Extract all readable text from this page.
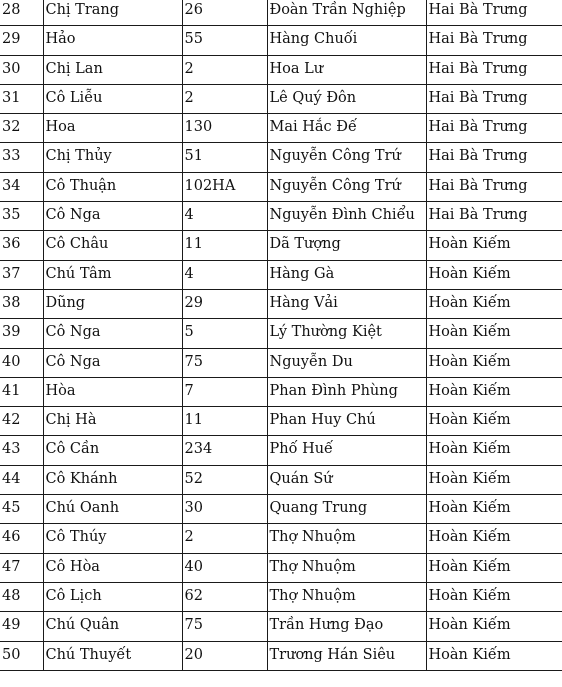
28	Chị Trang	26	Đoàn Trần Nghiệp	Hai Bà Trưng
29	Hảo	55	Hàng Chuối	Hai Bà Trưng
30	Chị Lan	2	Hoa Lư	Hai Bà Trưng
31	Cô Liễu	2	Lê Quý Đôn	Hai Bà Trưng
32	Hoa	130	Mai Hắc Đế	Hai Bà Trưng
33	Chị Thủy	51	Nguyễn Công Trứ	Hai Bà Trưng
34	Cô Thuận	102HA	Nguyễn Công Trứ	Hai Bà Trưng
35	Cô Nga	4	Nguyễn Đình Chiểu	Hai Bà Trưng
36	Cô Châu	11	Dã Tượng	Hoàn Kiếm
37	Chú Tâm	4	Hàng Gà	Hoàn Kiếm
38	Dũng	29	Hàng Vải	Hoàn Kiếm
39	Cô Nga	5	Lý Thường Kiệt	Hoàn Kiếm
40	Cô Nga	75	Nguyễn Du	Hoàn Kiếm
41	Hòa	7	Phan Đình Phùng	Hoàn Kiếm
42	Chị Hà	11	Phan Huy Chú	Hoàn Kiếm
43	Cô Cần	234	Phố Huế	Hoàn Kiếm
44	Cô Khánh	52	Quán Sứ	Hoàn Kiếm
45	Chú Oanh	30	Quang Trung	Hoàn Kiếm
46	Cô Thúy	2	Thợ Nhuộm	Hoàn Kiếm
47	Cô Hòa	40	Thợ Nhuộm	Hoàn Kiếm
48	Cô Lịch	62	Thợ Nhuộm	Hoàn Kiếm
49	Chú Quân	75	Trần Hưng Đạo	Hoàn Kiếm
50	Chú Thuyết	20	Trương Hán Siêu	Hoàn Kiếm
